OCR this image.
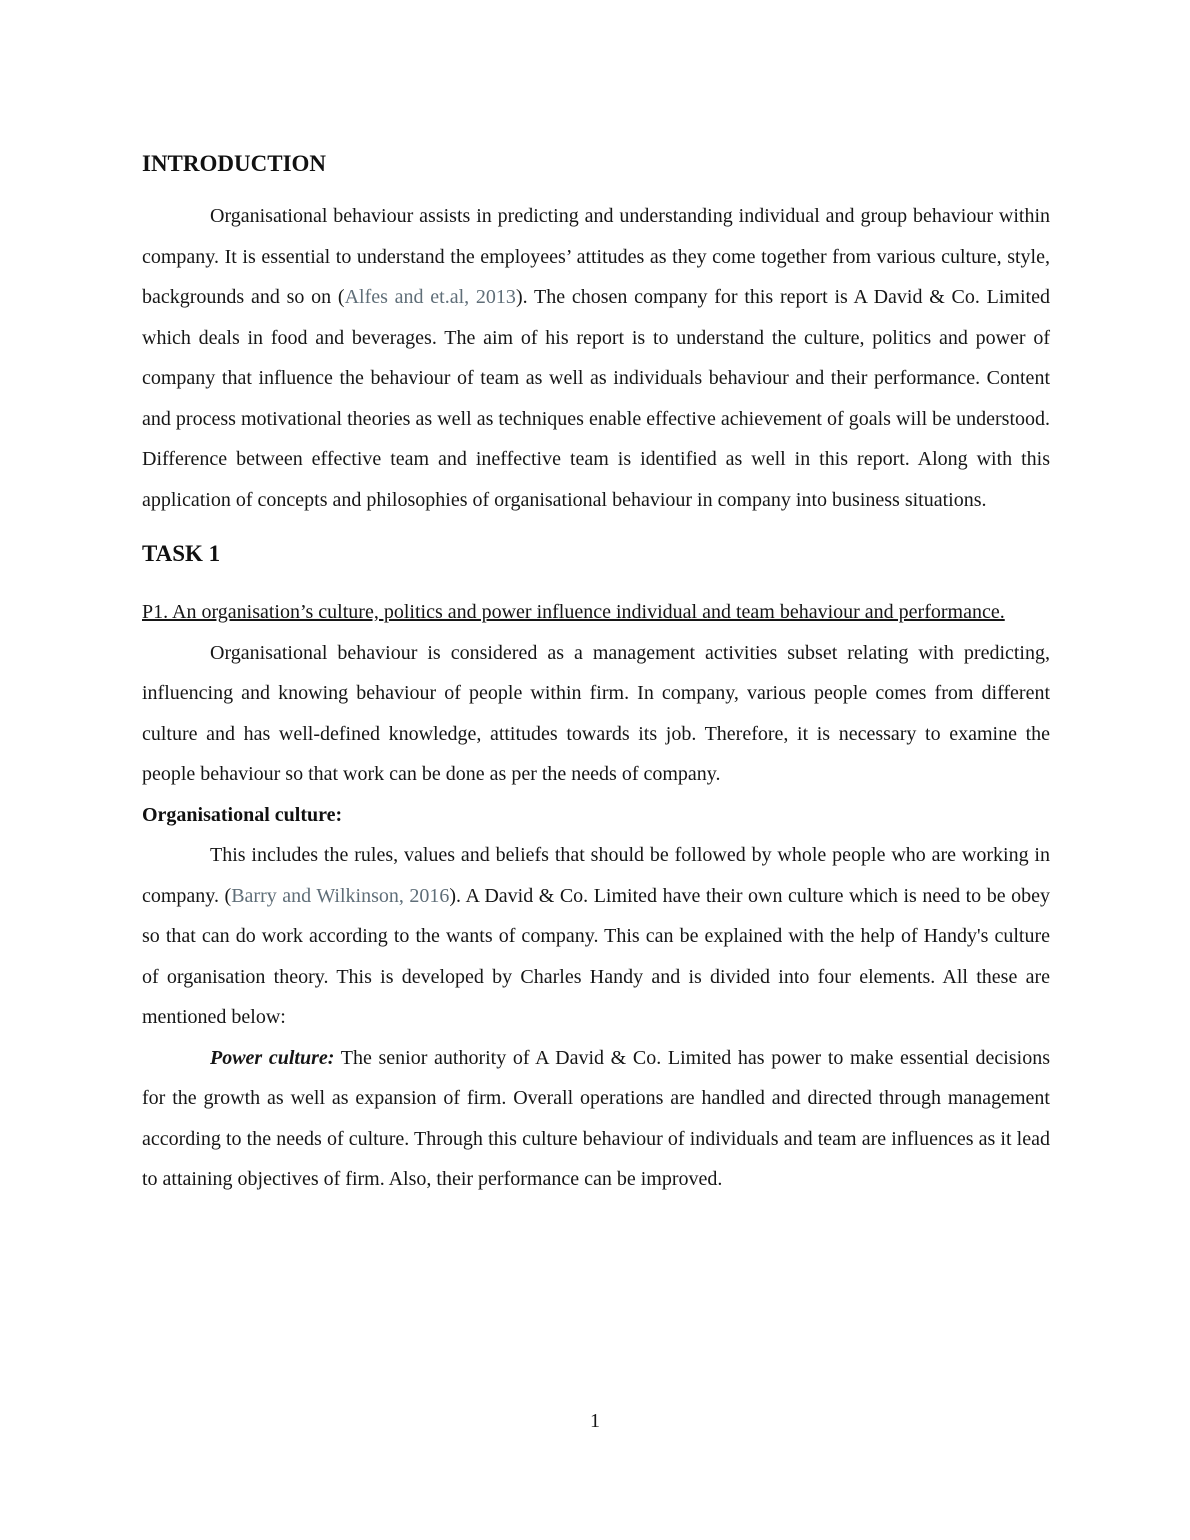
INTRODUCTION

Organisational behaviour assists in predicting and understanding individual and group behaviour within company. It is essential to understand the employees’ attitudes as they come together from various culture, style, backgrounds and so on (Alfes and et.al, 2013). The chosen company for this report is A David & Co. Limited which deals in food and beverages. The aim of his report is to understand the culture, politics and power of company that influence the behaviour of team as well as individuals behaviour and their performance. Content and process motivational theories as well as techniques enable effective achievement of goals will be understood. Difference between effective team and ineffective team is identified as well in this report. Along with this application of concepts and philosophies of organisational behaviour in company into business situations.

TASK 1

P1. An organisation’s culture, politics and power influence individual and team behaviour and performance.

Organisational behaviour is considered as a management activities subset relating with predicting, influencing and knowing behaviour of people within firm. In company, various people comes from different culture and has well-defined knowledge, attitudes towards its job. Therefore, it is necessary to examine the people behaviour so that work can be done as per the needs of company.

Organisational culture:

This includes the rules, values and beliefs that should be followed by whole people who are working in company. (Barry and Wilkinson, 2016). A David & Co. Limited have their own culture which is need to be obey so that can do work according to the wants of company. This can be explained with the help of Handy's culture of organisation theory. This is developed by Charles Handy and is divided into four elements. All these are mentioned below:

Power culture: The senior authority of A David & Co. Limited has power to make essential decisions for the growth as well as expansion of firm. Overall operations are handled and directed through management according to the needs of culture. Through this culture behaviour of individuals and team are influences as it lead to attaining objectives of firm. Also, their performance can be improved.

1
